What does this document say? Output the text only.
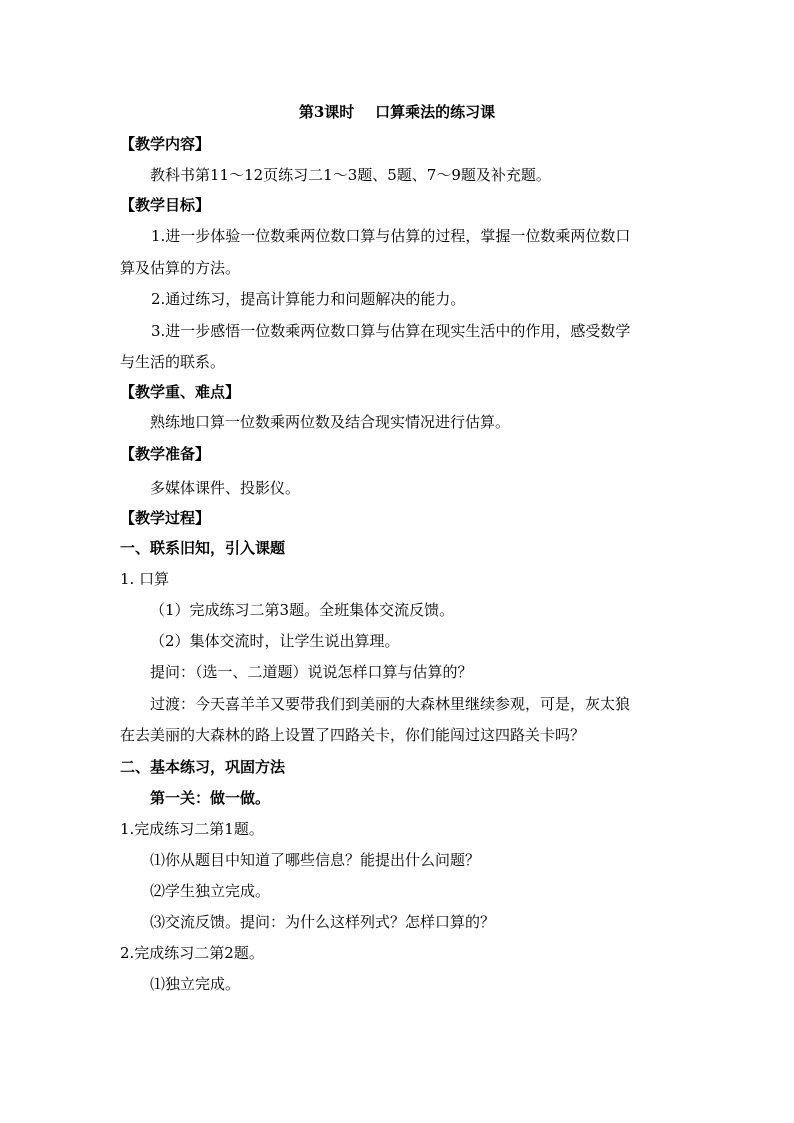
第3课时    口算乘法的练习课
【教学内容】
教科书第11～12页练习二1～3题、5题、7～9题及补充题。
【教学目标】
1.进一步体验一位数乘两位数口算与估算的过程，掌握一位数乘两位数口
算及估算的方法。
2.通过练习，提高计算能力和问题解决的能力。
3.进一步感悟一位数乘两位数口算与估算在现实生活中的作用，感受数学
与生活的联系。
【教学重、难点】
熟练地口算一位数乘两位数及结合现实情况进行估算。
【教学准备】
多媒体课件、投影仪。
【教学过程】
一、联系旧知，引入课题
1. 口算
（1）完成练习二第3题。全班集体交流反馈。
（2）集体交流时，让学生说出算理。
提问：（选一、二道题）说说怎样口算与估算的？
过渡：今天喜羊羊又要带我们到美丽的大森林里继续参观，可是，灰太狼
在去美丽的大森林的路上设置了四路关卡，你们能闯过这四路关卡吗？
二、基本练习，巩固方法
第一关：做一做。
1.完成练习二第1题。
⑴你从题目中知道了哪些信息？能提出什么问题？
⑵学生独立完成。
⑶交流反馈。提问：为什么这样列式？怎样口算的？
2.完成练习二第2题。
⑴独立完成。
